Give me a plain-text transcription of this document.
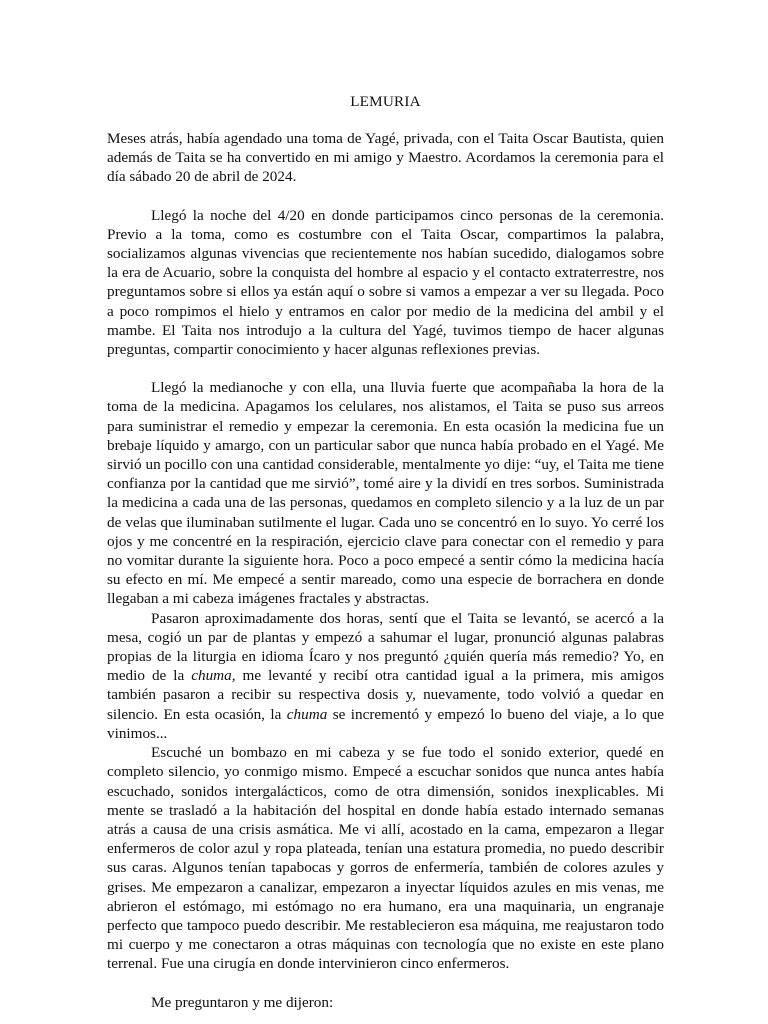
LEMURIA

Meses atrás, había agendado una toma de Yagé, privada, con el Taita Oscar Bautista, quien además de Taita se ha convertido en mi amigo y Maestro. Acordamos la ceremonia para el día sábado 20 de abril de 2024.

Llegó la noche del 4/20 en donde participamos cinco personas de la ceremonia. Previo a la toma, como es costumbre con el Taita Oscar, compartimos la palabra, socializamos algunas vivencias que recientemente nos habían sucedido, dialogamos sobre la era de Acuario, sobre la conquista del hombre al espacio y el contacto extraterrestre, nos preguntamos sobre si ellos ya están aquí o sobre si vamos a empezar a ver su llegada. Poco a poco rompimos el hielo y entramos en calor por medio de la medicina del ambil y el mambe. El Taita nos introdujo a la cultura del Yagé, tuvimos tiempo de hacer algunas preguntas, compartir conocimiento y hacer algunas reflexiones previas.

Llegó la medianoche y con ella, una lluvia fuerte que acompañaba la hora de la toma de la medicina. Apagamos los celulares, nos alistamos, el Taita se puso sus arreos para suministrar el remedio y empezar la ceremonia. En esta ocasión la medicina fue un brebaje líquido y amargo, con un particular sabor que nunca había probado en el Yagé. Me sirvió un pocillo con una cantidad considerable, mentalmente yo dije: “uy, el Taita me tiene confianza por la cantidad que me sirvió”, tomé aire y la dividí en tres sorbos. Suministrada la medicina a cada una de las personas, quedamos en completo silencio y a la luz de un par de velas que iluminaban sutilmente el lugar. Cada uno se concentró en lo suyo. Yo cerré los ojos y me concentré en la respiración, ejercicio clave para conectar con el remedio y para no vomitar durante la siguiente hora. Poco a poco empecé a sentir cómo la medicina hacía su efecto en mí. Me empecé a sentir mareado, como una especie de borrachera en donde llegaban a mi cabeza imágenes fractales y abstractas.

Pasaron aproximadamente dos horas, sentí que el Taita se levantó, se acercó a la mesa, cogió un par de plantas y empezó a sahumar el lugar, pronunció algunas palabras propias de la liturgia en idioma Ícaro y nos preguntó ¿quién quería más remedio? Yo, en medio de la chuma, me levanté y recibí otra cantidad igual a la primera, mis amigos también pasaron a recibir su respectiva dosis y, nuevamente, todo volvió a quedar en silencio. En esta ocasión, la chuma se incrementó y empezó lo bueno del viaje, a lo que vinimos...

Escuché un bombazo en mi cabeza y se fue todo el sonido exterior, quedé en completo silencio, yo conmigo mismo. Empecé a escuchar sonidos que nunca antes había escuchado, sonidos intergalácticos, como de otra dimensión, sonidos inexplicables. Mi mente se trasladó a la habitación del hospital en donde había estado internado semanas atrás a causa de una crisis asmática. Me vi allí, acostado en la cama, empezaron a llegar enfermeros de color azul y ropa plateada, tenían una estatura promedia, no puedo describir sus caras. Algunos tenían tapabocas y gorros de enfermería, también de colores azules y grises. Me empezaron a canalizar, empezaron a inyectar líquidos azules en mis venas, me abrieron el estómago, mi estómago no era humano, era una maquinaria, un engranaje perfecto que tampoco puedo describir. Me restablecieron esa máquina, me reajustaron todo mi cuerpo y me conectaron a otras máquinas con tecnología que no existe en este plano terrenal. Fue una cirugía en donde intervinieron cinco enfermeros.

Me preguntaron y me dijeron:
